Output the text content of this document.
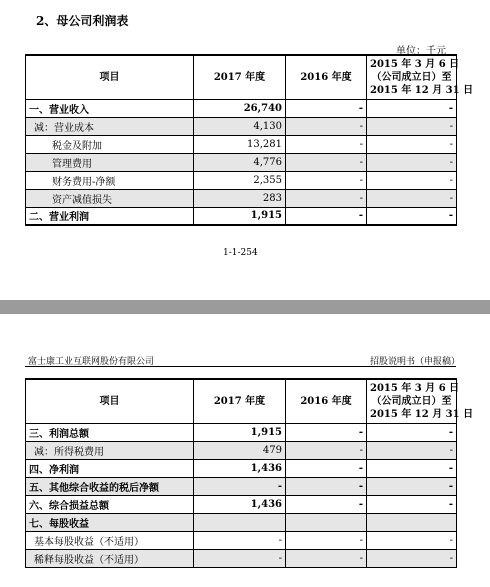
2、母公司利润表
单位：千元
项目	2017 年度	2016 年度	2015 年 3 月 6 日
（公司成立日）至
2015 年 12 月 31 日

一、营业收入	26,740	-	-
减：营业成本	4,130	-	-
税金及附加	13,281	-	-
管理费用	4,776	-	-
财务费用-净额	2,355	-	-
资产减值损失	283	-	-
二、营业利润	1,915	-	-
1-1-254
富士康工业互联网股份有限公司	招股说明书（申报稿）
项目	2017 年度	2016 年度	2015 年 3 月 6 日
（公司成立日）至
2015 年 12 月 31 日

三、利润总额	1,915	-	-
减：所得税费用	479	-	-
四、净利润	1,436	-	-
五、其他综合收益的税后净额	-	-	-
六、综合损益总额	1,436	-	-
七、每股收益			
基本每股收益（不适用）	-	-	-
稀释每股收益（不适用）	-	-	-
